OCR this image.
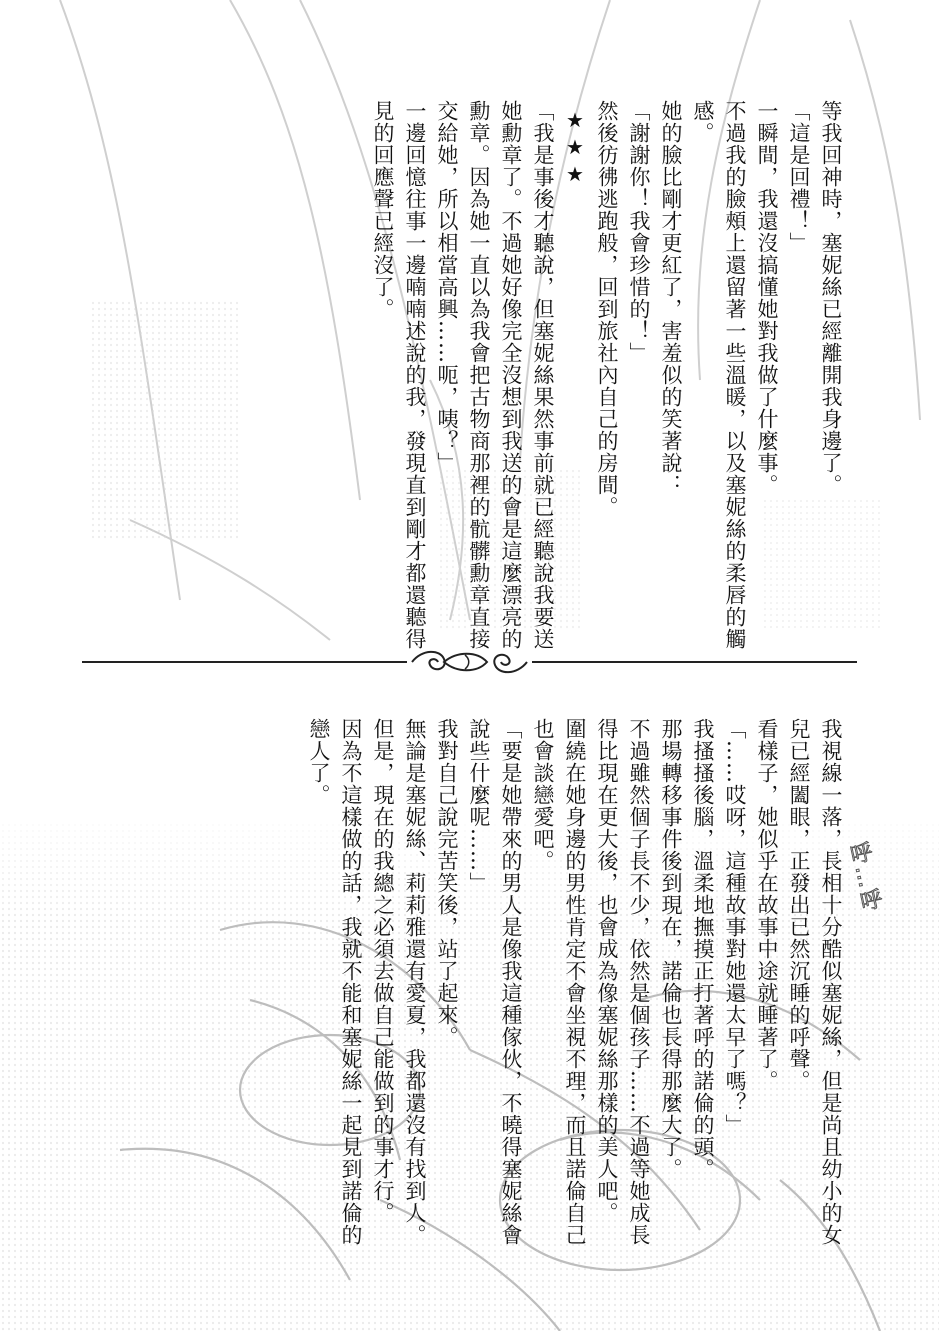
呼…呼

等我回神時，塞妮絲已經離開我身邊了。

「這是回禮！」

一瞬間，我還沒搞懂她對我做了什麼事。

不過我的臉頰上還留著一些溫暖，以及塞妮絲的柔唇的觸感。

她的臉比剛才更紅了，害羞似的笑著說：

「謝謝你！我會珍惜的！」

然後彷彿逃跑般，回到旅社內自己的房間。

★★★

「我是事後才聽說，但塞妮絲果然事前就已經聽說我要送她勳章了。不過她好像完全沒想到我送的會是這麼漂亮的勳章。因為她一直以為我會把古物商那裡的骯髒勳章直接交給她，所以相當高興……呃，咦？」

一邊回憶往事一邊喃喃述說的我，發現直到剛才都還聽得見的回應聲已經沒了。

我視線一落，長相十分酷似塞妮絲，但是尚且幼小的女兒已經闔眼，正發出已然沉睡的呼聲。

看樣子，她似乎在故事中途就睡著了。

「……哎呀，這種故事對她還太早了嗎？」

我搔搔後腦，溫柔地撫摸正打著呼的諾倫的頭。

那場轉移事件後到現在，諾倫也長得那麼大了。

不過雖然個子長不少，依然是個孩子……不過等她成長得比現在更大後，也會成為像塞妮絲那樣的美人吧。

圍繞在她身邊的男性肯定不會坐視不理，而且諾倫自己也會談戀愛吧。

「要是她帶來的男人是像我這種傢伙，不曉得塞妮絲會說些什麼呢……」

我對自己說完苦笑後，站了起來。

無論是塞妮絲、莉莉雅還有愛夏，我都還沒有找到人。但是，現在的我總之必須去做自己能做到的事才行。

因為不這樣做的話，我就不能和塞妮絲一起見到諾倫的戀人了。
